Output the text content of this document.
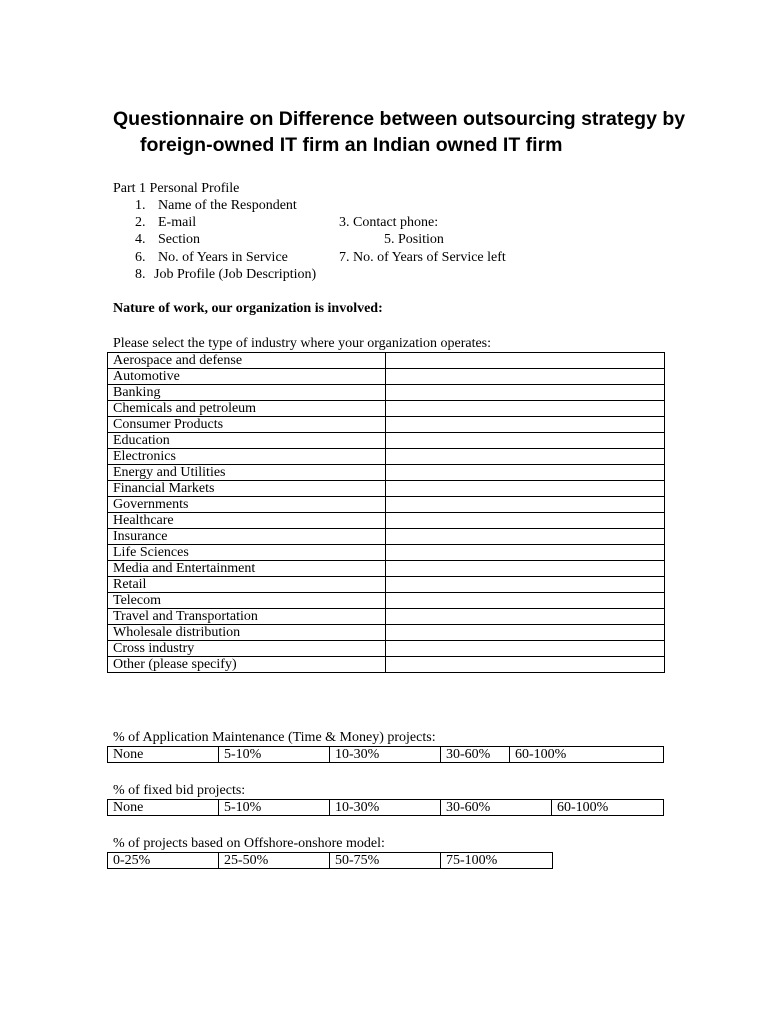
Questionnaire on Difference between outsourcing strategy by foreign-owned IT firm an Indian owned IT firm
Part 1 Personal Profile
1. Name of the Respondent
2. E-mail	3. Contact phone:
4. Section	5. Position
6. No. of Years in Service	7. No. of Years of Service left
8. Job Profile (Job Description)
Nature of work, our organization is involved:
Please select the type of industry where your organization operates:
Aerospace and defense	
Automotive	
Banking	
Chemicals and petroleum	
Consumer Products	
Education	
Electronics	
Energy and Utilities	
Financial Markets	
Governments	
Healthcare	
Insurance	
Life Sciences	
Media and Entertainment	
Retail	
Telecom	
Travel and Transportation	
Wholesale distribution	
Cross industry	
Other (please specify)	
% of Application Maintenance (Time & Money) projects:
None	5-10%	10-30%	30-60%	60-100%
% of fixed bid projects:
None	5-10%	10-30%	30-60%	60-100%
% of projects based on Offshore-onshore model:
0-25%	25-50%	50-75%	75-100%
